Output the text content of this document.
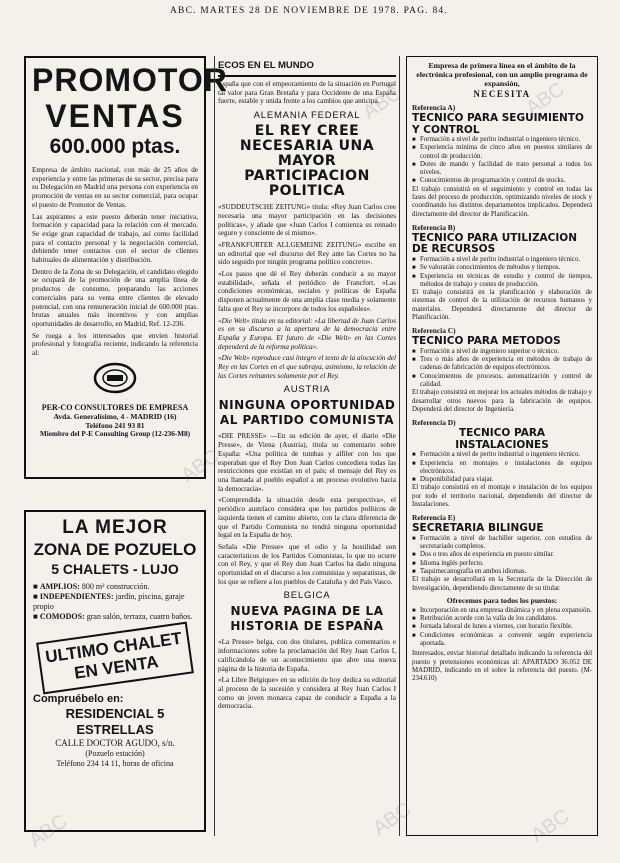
ABC. MARTES 28 DE NOVIEMBRE DE 1978. PAG. 84.
PROMOTOR
VENTAS
600.000 ptas.

Empresa de ámbito nacional, con más de 25 años de experiencia y entre las primeras de su sector, precisa para su Delegación en Madrid una persona con experiencia en promoción de ventas en su sector comercial, para ocupar el puesto de Promotor de Ventas.

Las aspirantes a este puesto deberán tener iniciativa, formación y capacidad para la relación con el mercado. Se exige gran capacidad de trabajo, así como facilidad para el contacto personal y la negociación comercial, debiendo tener contactos con el sector de clientes habituales de alimentación y distribución.

Dentro de la Zona de su Delegación, el candidato elegido se ocupará de la promoción de una amplia línea de productos de consumo, preparando las acciones comerciales para su venta entre clientes de elevado potencial, con una remuneración inicial de 600.000 ptas. brutas anuales más incentivos y con amplias oportunidades de desarrollo, en Madrid, Ref. 12-236.

Se ruega a los interesados que envíen historial profesional y fotografía reciente, indicando la referencia al:

PER-CO CONSULTORES DE EMPRESA
Avda. Generalísimo, 4 - MADRID (16)
Teléfono 241 93 81
Miembro del P-E Consulting Group (12-236-M8)
LA MEJOR
ZONA DE POZUELO
5 CHALETS - LUJO
■ AMPLIOS: 800 m² construcción.
■ INDEPENDIENTES: jardín, piscina, garaje propio
■ COMODOS: gran salón, terraza, cuatro baños.
ULTIMO CHALET EN VENTA
Compruébelo en:
RESIDENCIAL 5 ESTRELLAS
CALLE DOCTOR AGUDO, s/n.
(Pozuelo estación)
Teléfono 234 14 11, horas de oficina
ECOS EN EL MUNDO

España que con el empeoramiento de la situación en Portugal tal valor para Gran Bretaña y para Occidente de una España fuerte, estable y unida frente a los cambios que anticipa.

ALEMANIA FEDERAL
EL REY CREE NECESARIA UNA MAYOR PARTICIPACION POLITICA

«SUDDEUTSCHE ZEITUNG» titula: «Rey Juan Carlos cree necesaria una mayor participación en las decisiones políticas», y añade que «Juan Carlos I comienza su reinado seguro y consciente de sí mismo».

«FRANKFURTER ALLGEMEINE ZEITUNG» escribe en un editorial que «el discurso del Rey ante las Cortes no ha sido seguido por ningún programa político concreto».

«Los pasos que dé el Rey deberán conducir a su mayor estabilidad», señala el periódico de Francfort. «Las condiciones económicas, sociales y políticas de España disponen actualmente de una amplia clase media y solamente falta que el Rey se incorpore de todos los españoles».

«Die Welt» titula en su editorial: «La libertad de Juan Carlos es en su discurso a la apertura de la democracia entre España y Europa. El futuro de «Die Welt» en las Cortes dependerá de la reforma política».

«Die Welt» reproduce casi íntegro el texto de la alocución del Rey en las Cortes en el que subraya, asimismo, la relación de las Cortes reinantes solamente por el Rey.

AUSTRIA
NINGUNA OPORTUNIDAD AL PARTIDO COMUNISTA

«DIE PRESSE» —En su edición de ayer, el diario «Die Presse», de Viena (Austria), titula su comentario sobre España: «Una política de tumbas y alfiler con los que esperaban que el Rey Don Juan Carlos concediera todas las restricciones que existían en el país; el mensaje del Rey es una llamada al pueblo español a un proceso evolutivo hacia la democracia».

«Comprendida la situación desde esta perspectiva», el periódico austríaco considera que los partidos políticos de izquierda tienen el camino abierto, con la clara diferencia de que el Partido Comunista no tendrá ninguna oportunidad legal en la España de hoy.

Señala «Die Presse» que el odio y la hostilidad son característicos de los Partidos Comunistas, lo que no ocurre con el Rey, y que el Rey don Juan Carlos ha dado ninguna oportunidad en el discurso a los comunistas y separatistas, de los que se refiere a los pueblos de Cataluña y del País Vasco.

BELGICA
NUEVA PAGINA DE LA HISTORIA DE ESPAÑA

«La Presse» belga, con dos titulares, publica comentarios e informaciones sobre la proclamación del Rey Juan Carlos I, calificándola de un acontecimiento que abre una nueva página de la historia de España.

«La Libre Belgique» en su edición de hoy dedica su editorial al proceso de la sucesión y considera al Rey Juan Carlos I como un joven monarca capaz de conducir a España a la democracia.

Empresa de primera línea en el ámbito de la electrónica profesional, con un amplio programa de expansión,
NECESITA
Referencia A)
TECNICO PARA SEGUIMIENTO Y CONTROL
■ Formación a nivel de perito industrial o ingeniero técnico.
■ Experiencia mínima de cinco años en puestos similares de control de producción.
■ Dotes de mando y facilidad de trato personal a todos los niveles.
■ Conocimientos de programación y control de stocks.

El trabajo consistirá en el seguimiento y control en todas las fases del proceso de producción, optimizando niveles de stock y coordinando los distintos departamentos implicados. Dependerá directamente del director de Planificación.

Referencia B)
TECNICO PARA UTILIZACION DE RECURSOS
■ Formación a nivel de perito industrial o ingeniero técnico.
■ Se valorarán conocimientos de métodos y tiempos.
■ Experiencia en técnicas de estudio y control de tiempos, métodos de trabajo y costes de producción.

El trabajo consistirá en la planificación y elaboración de sistemas de control de la utilización de recursos humanos y materiales. Dependerá directamente del director de Planificación.

Referencia C)
TECNICO PARA METODOS
■ Formación a nivel de ingeniero superior o técnico.
■ Tres o más años de experiencia en métodos de trabajo de cadenas de fabricación de equipos electrónicos.
■ Conocimientos de procesos, automatización y control de calidad.

El trabajo consistirá en mejorar los actuales métodos de trabajo y desarrollar otros nuevos para la fabricación de equipos. Dependerá del director de Ingeniería.

Referencia D)
TECNICO PARA INSTALACIONES
■ Formación a nivel de perito industrial o ingeniero técnico.
■ Experiencia en montajes e instalaciones de equipos electrónicos.
■ Disponibilidad para viajar.

El trabajo consistirá en el montaje e instalación de los equipos por todo el territorio nacional, dependiendo del director de Instalaciones.

Referencia E)
SECRETARIA BILINGUE
■ Formación a nivel de bachiller superior, con estudios de secretariado completos.
■ Dos o tres años de experiencia en puesto similar.
■ Idioma inglés perfecto.
■ Taquimecanografía en ambos idiomas.

El trabajo se desarrollará en la Secretaría de la Dirección de Investigación, dependiendo directamente de su titular.

Ofrecemos para todos los puestos:
■ Incorporación en una empresa dinámica y en plena expansión.
■ Retribución acorde con la valía de los candidatos.
■ Jornada laboral de lunes a viernes, con horario flexible.
■ Condiciones económicas a convenir según experiencia aportada.

Interesados, enviar historial detallado indicando la referencia del puesto y pretensiones económicas al: APARTADO 36.052 DE MADRID, indicando en el sobre la referencia del puesto. (M-234.610)

ABC	ABC
ABC
ABC	ABC	ABC
